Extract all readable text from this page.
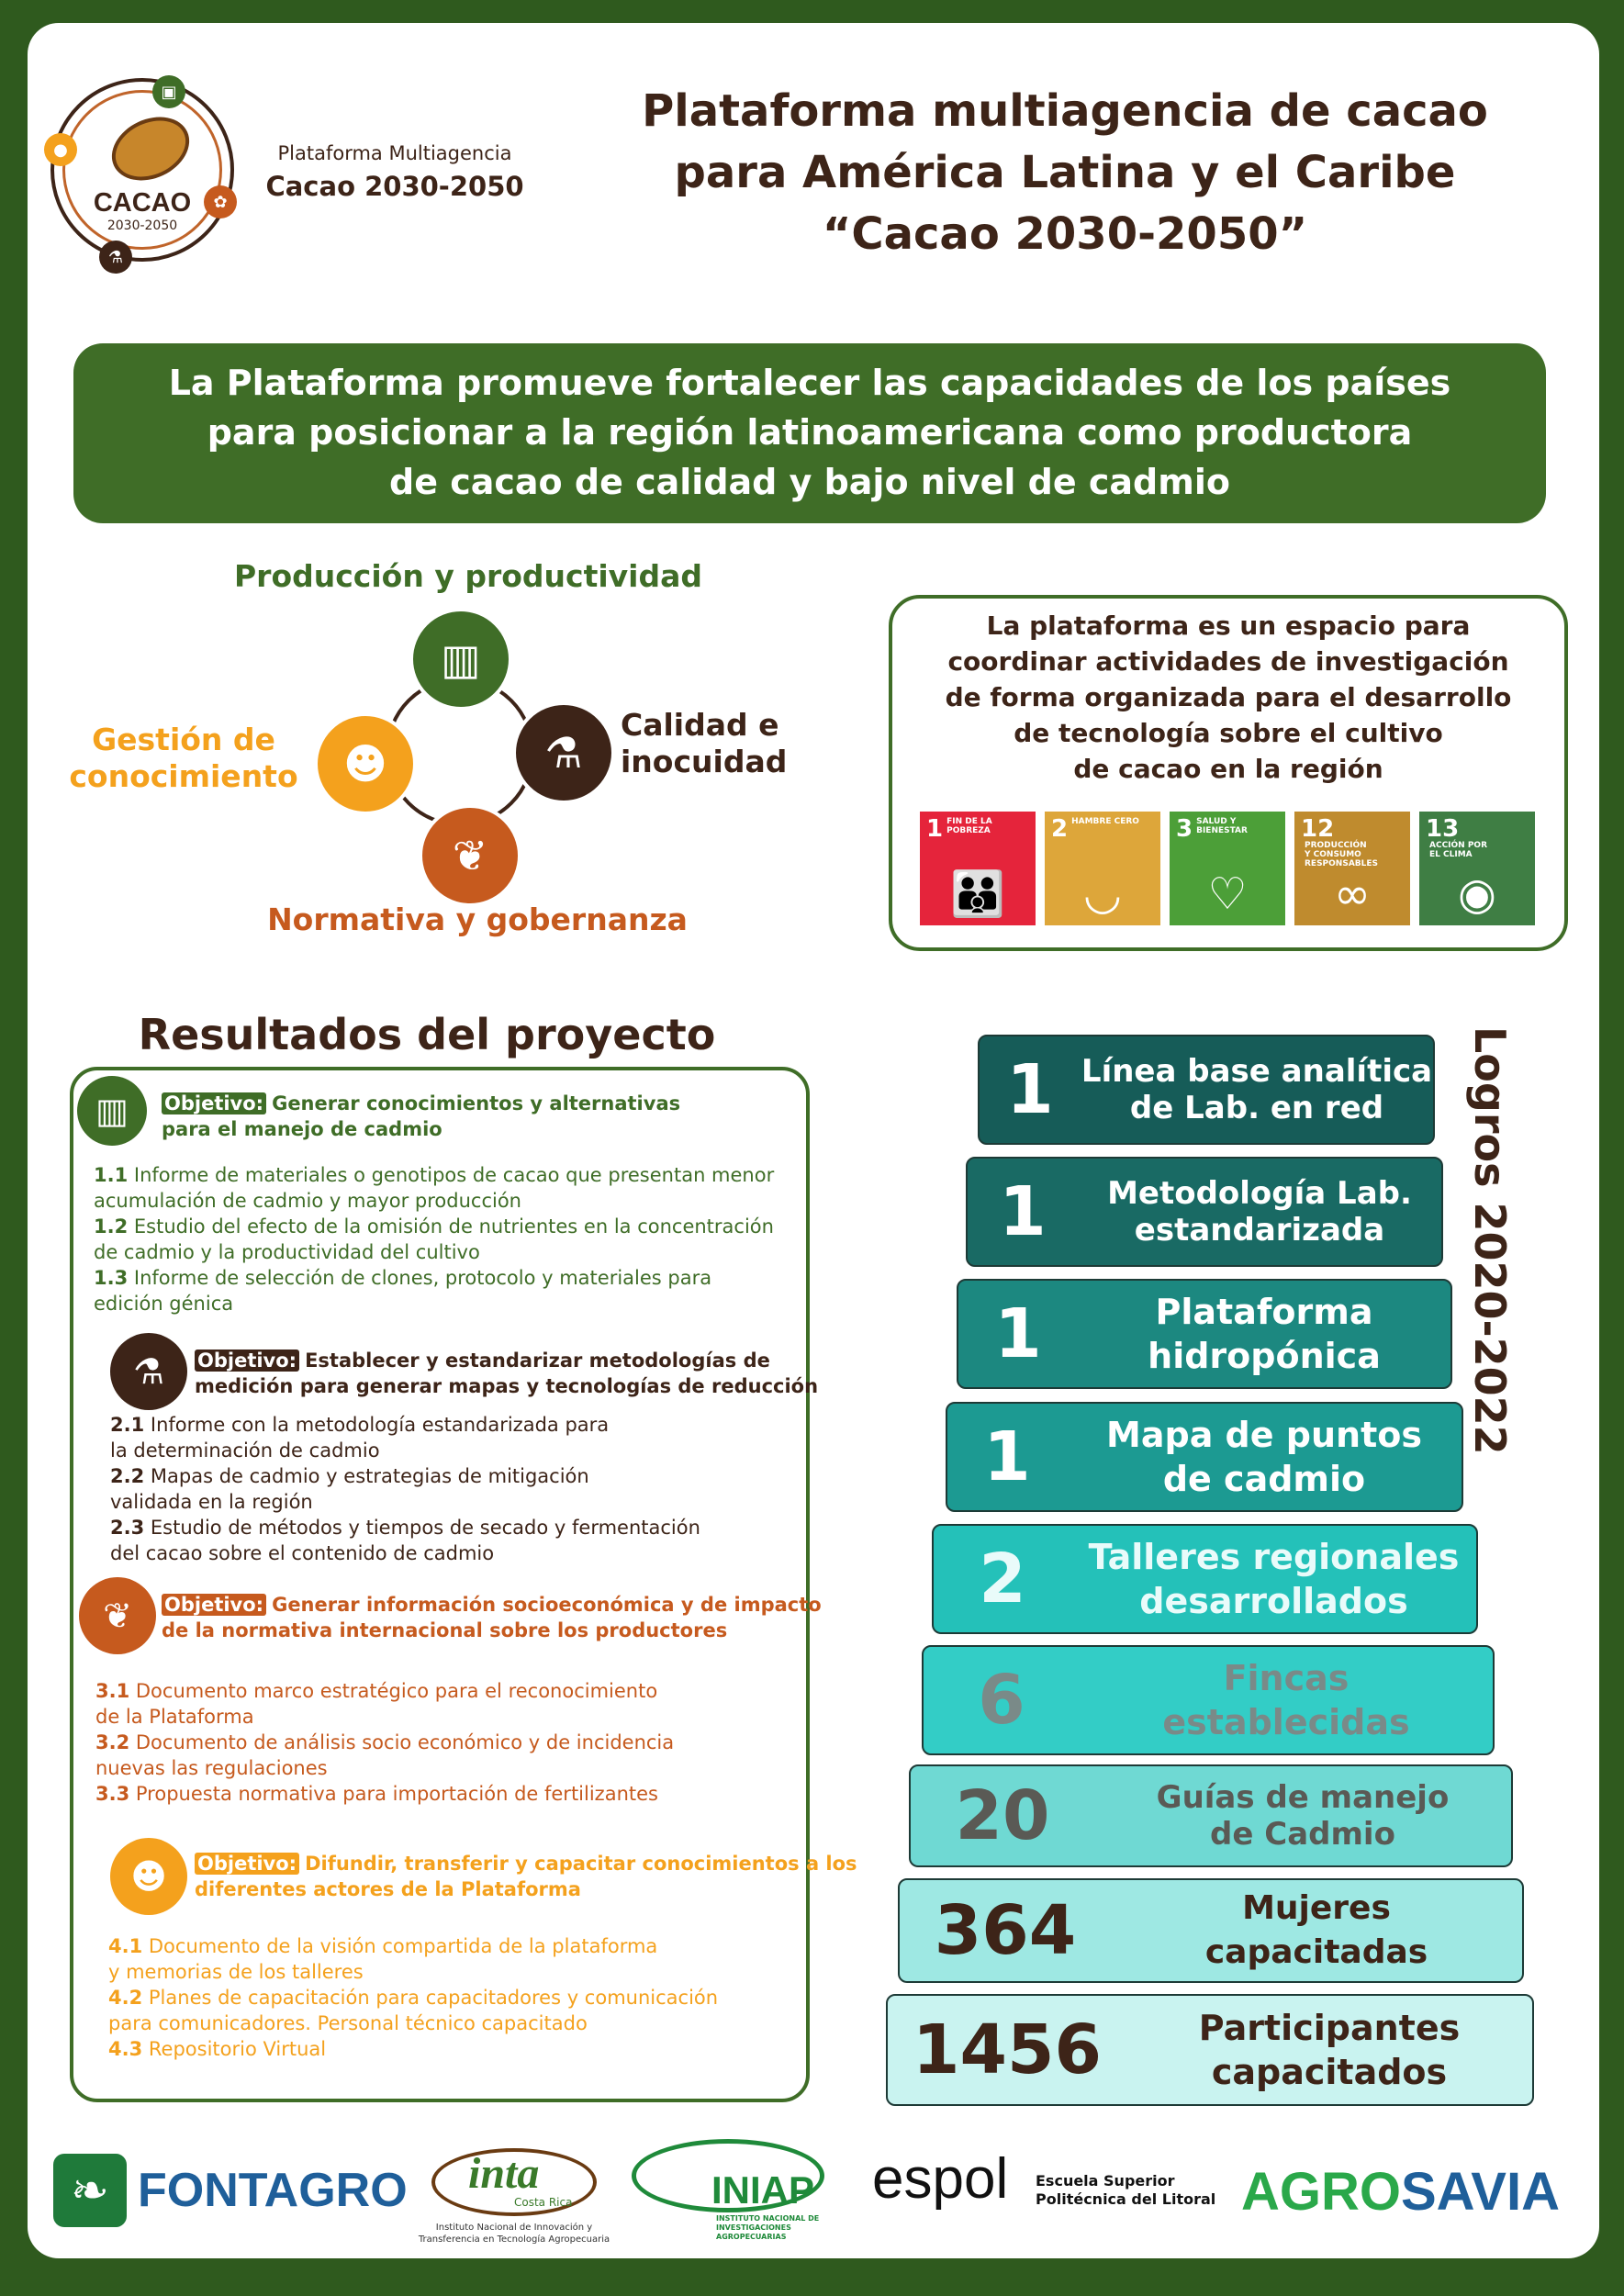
▣
●
✿
⚗
CACAO
2030-2050
Plataforma Multiagencia
Cacao 2030-2050
Plataforma multiagencia de cacao
para América Latina y el Caribe
“Cacao 2030-2050”
La Plataforma promueve fortalecer las capacidades de los países
para posicionar a la región latinoamericana como productora
de cacao de calidad y bajo nivel de cadmio
Producción y productividad
▥
⚗
☻
❦
Calidad e
inocuidad
Gestión de
conocimiento
Normativa y gobernanza
La plataforma es un espacio para
coordinar actividades de investigación
de forma organizada para el desarrollo
de tecnología sobre el cultivo
de cacao en la región
1 FIN DE LA POBREZA
👪
2 HAMBRE CERO
◡
3 SALUD Y BIENESTAR
♡
12PRODUCCIÓN Y CONSUMO RESPONSABLES
∞
13ACCIÓN POR EL CLIMA
◉
Resultados del proyecto
▥	Objetivo: Generar conocimientos y alternativas
para el manejo de cadmio
1.1 Informe de materiales o genotipos de cacao que presentan menor
acumulación de cadmio y mayor producción
1.2 Estudio del efecto de la omisión de nutrientes en la concentración
de cadmio y la productividad del cultivo
1.3 Informe de selección de clones, protocolo y materiales para
edición génica
⚗	Objetivo: Establecer y estandarizar metodologías de
medición para generar mapas y tecnologías de reducción
2.1 Informe con la metodología estandarizada para
la determinación de cadmio
2.2 Mapas de cadmio y estrategias de mitigación
validada en la región
2.3 Estudio de métodos y tiempos de secado y fermentación
del cacao sobre el contenido de cadmio
❦	Objetivo: Generar información socioeconómica y de impacto
de la normativa internacional sobre los productores
3.1 Documento marco estratégico para el reconocimiento
de la Plataforma
3.2 Documento de análisis socio económico y de incidencia
nuevas las regulaciones
3.3 Propuesta normativa para importación de fertilizantes
☻	Objetivo: Difundir, transferir y capacitar conocimientos a los
diferentes actores de la Plataforma
4.1 Documento de la visión compartida de la plataforma
y memorias de los talleres
4.2 Planes de capacitación para capacitadores y comunicación
para comunicadores. Personal técnico capacitado
4.3 Repositorio Virtual
Logros 2020-2022
1 Línea base analítica
de Lab. en red
1	Metodología Lab.
estandarizada
1	Plataforma
hidropónica
1	Mapa de puntos
de cadmio
2	Talleres regionales
desarrollados
6	Fincas
establecidas
20	Guías de manejo
de Cadmio
364	Mujeres
capacitadas
1456	Participantes
capacitados
❧ FONTAGRO inta
Costa Rica
Instituto Nacional de Innovación y
Transferencia en Tecnología Agropecuaria
INIAP
INSTITUTO NACIONAL DE INVESTIGACIONES AGROPECUARIAS
espol Escuela Superior
Politécnica del Litoral AGROSAVIA
